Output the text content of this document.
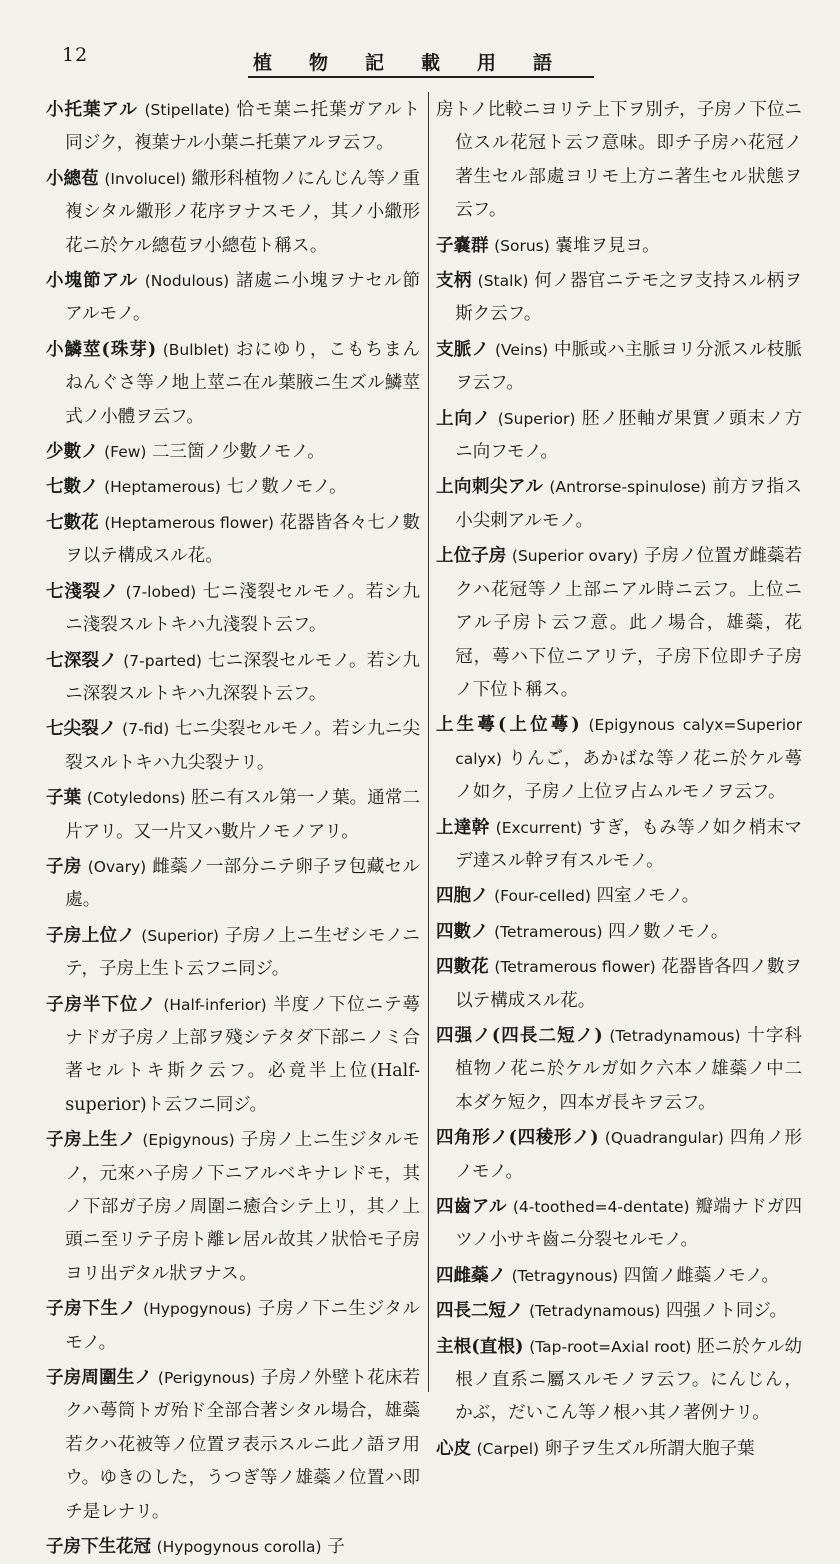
12	植物記載用語

小托葉アル (Stipellate) 恰モ葉ニ托葉ガアルト同ジク，複葉ナル小葉ニ托葉アルヲ云フ。

小總苞 (Involucel) 繖形科植物ノにんじん等ノ重複シタル繖形ノ花序ヲナスモノ，其ノ小繖形花ニ於ケル總苞ヲ小總苞ト稱ス。

小塊節アル (Nodulous) 諸處ニ小塊ヲナセル節アルモノ。

小鱗莖(珠芽) (Bulblet) おにゆり，こもちまんねんぐさ等ノ地上莖ニ在ル葉腋ニ生ズル鱗莖式ノ小體ヲ云フ。

少數ノ (Few) 二三箇ノ少數ノモノ。

七數ノ (Heptamerous) 七ノ數ノモノ。

七數花 (Heptamerous flower) 花器皆各々七ノ數ヲ以テ構成スル花。

七淺裂ノ (7-lobed) 七ニ淺裂セルモノ。若シ九ニ淺裂スルトキハ九淺裂ト云フ。

七深裂ノ (7-parted) 七ニ深裂セルモノ。若シ九ニ深裂スルトキハ九深裂ト云フ。

七尖裂ノ (7-fid) 七ニ尖裂セルモノ。若シ九ニ尖裂スルトキハ九尖裂ナリ。

子葉 (Cotyledons) 胚ニ有スル第一ノ葉。通常二片アリ。又一片又ハ數片ノモノアリ。

子房 (Ovary) 雌蘂ノ一部分ニテ卵子ヲ包藏セル處。

子房上位ノ (Superior) 子房ノ上ニ生ゼシモノニテ，子房上生ト云フニ同ジ。

子房半下位ノ (Half-inferior) 半度ノ下位ニテ蕚ナドガ子房ノ上部ヲ殘シテタダ下部ニノミ合著セルトキ斯ク云フ。必竟半上位(Half-superior)ト云フニ同ジ。

子房上生ノ (Epigynous) 子房ノ上ニ生ジタルモノ，元來ハ子房ノ下ニアルベキナレドモ，其ノ下部ガ子房ノ周圍ニ癒合シテ上リ，其ノ上頭ニ至リテ子房ト離レ居ル故其ノ狀恰モ子房ヨリ出デタル狀ヲナス。

子房下生ノ (Hypogynous) 子房ノ下ニ生ジタルモノ。

子房周圍生ノ (Perigynous) 子房ノ外壁ト花床若クハ蕚筒トガ殆ド全部合著シタル場合，雄蘂若クハ花被等ノ位置ヲ表示スルニ此ノ語ヲ用ウ。ゆきのした，うつぎ等ノ雄蘂ノ位置ハ即チ是レナリ。

子房下生花冠 (Hypogynous corolla) 子

房トノ比較ニヨリテ上下ヲ別チ，子房ノ下位ニ位スル花冠ト云フ意味。即チ子房ハ花冠ノ著生セル部處ヨリモ上方ニ著生セル狀態ヲ云フ。

子嚢群 (Sorus) 嚢堆ヲ見ヨ。

支柄 (Stalk) 何ノ器官ニテモ之ヲ支持スル柄ヲ斯ク云フ。

支脈ノ (Veins) 中脈或ハ主脈ヨリ分派スル枝脈ヲ云フ。

上向ノ (Superior) 胚ノ胚軸ガ果實ノ頭末ノ方ニ向フモノ。

上向刺尖アル (Antrorse-spinulose) 前方ヲ指ス小尖刺アルモノ。

上位子房 (Superior ovary) 子房ノ位置ガ雌蘂若クハ花冠等ノ上部ニアル時ニ云フ。上位ニアル子房ト云フ意。此ノ場合，雄蘂，花冠，蕚ハ下位ニアリテ，子房下位即チ子房ノ下位ト稱ス。

上生蕚(上位蕚) (Epigynous calyx=Superior calyx) りんご，あかばな等ノ花ニ於ケル蕚ノ如ク，子房ノ上位ヲ占ムルモノヲ云フ。

上達幹 (Excurrent) すぎ，もみ等ノ如ク梢末マデ達スル幹ヲ有スルモノ。

四胞ノ (Four-celled) 四室ノモノ。

四數ノ (Tetramerous) 四ノ數ノモノ。

四數花 (Tetramerous flower) 花器皆各四ノ數ヲ以テ構成スル花。

四强ノ(四長二短ノ) (Tetradynamous) 十字科植物ノ花ニ於ケルガ如ク六本ノ雄蘂ノ中二本ダケ短ク，四本ガ長キヲ云フ。

四角形ノ(四稜形ノ) (Quadrangular) 四角ノ形ノモノ。

四齒アル (4-toothed=4-dentate) 瓣端ナドガ四ツノ小サキ齒ニ分裂セルモノ。

四雌蘂ノ (Tetragynous) 四箇ノ雌蘂ノモノ。

四長二短ノ (Tetradynamous) 四强ノト同ジ。

主根(直根) (Tap-root=Axial root) 胚ニ於ケル幼根ノ直系ニ屬スルモノヲ云フ。にんじん，かぶ，だいこん等ノ根ハ其ノ著例ナリ。

心皮 (Carpel) 卵子ヲ生ズル所謂大胞子葉
